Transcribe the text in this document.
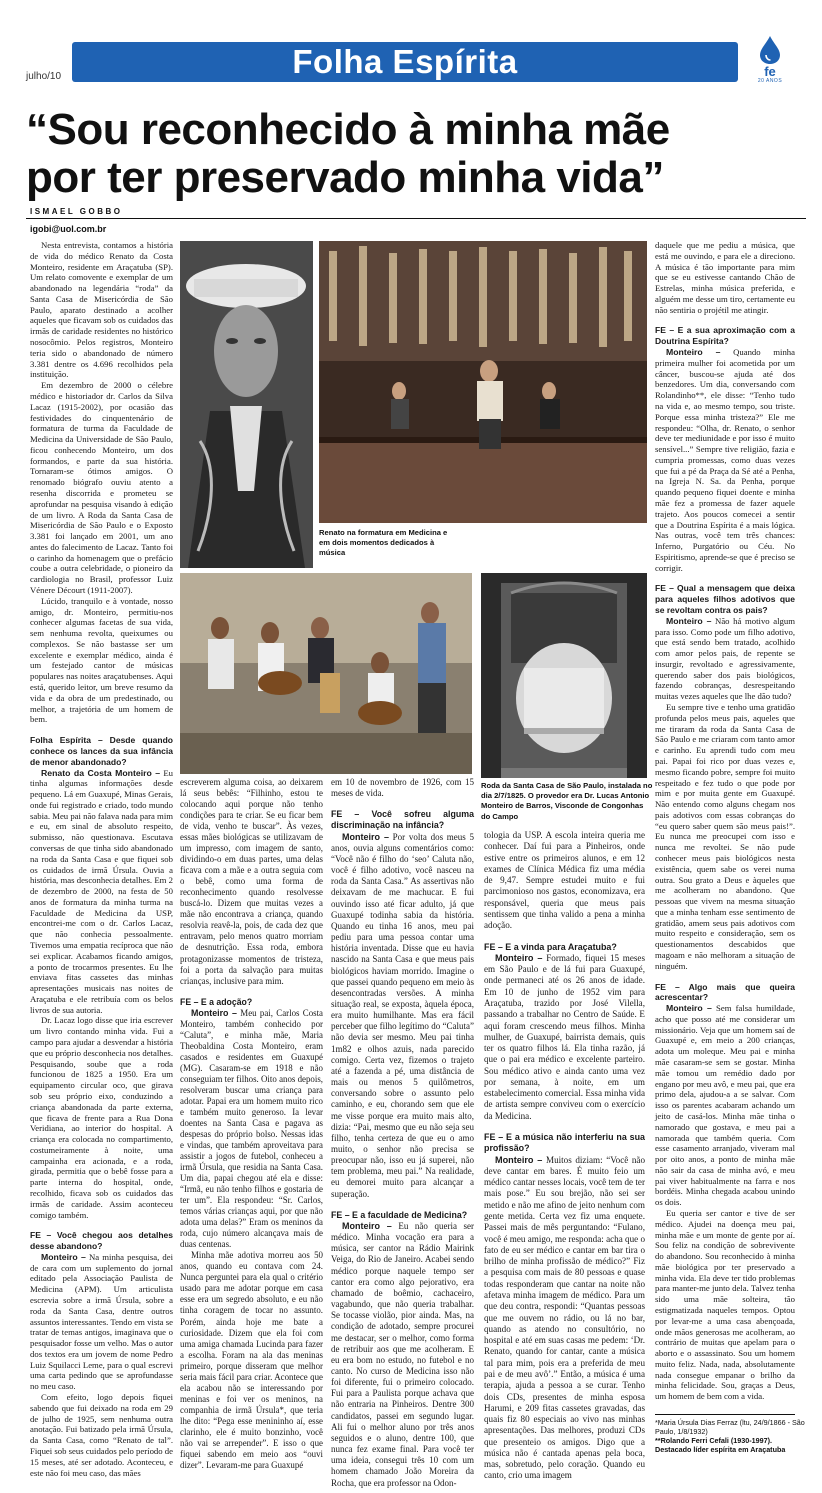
julho/10	Folha Espírita	fe
20 ANOS
“Sou reconhecido à minha mãe
por ter preservado minha vida”
ISMAEL GOBBO
igobi@uol.com.br

Nesta entrevista, contamos a história de vida do médico Renato da Costa Monteiro, residente em Araçatuba (SP). Um relato comovente e exemplar de um abandonado na legendária “roda” da Santa Casa de Misericórdia de São Paulo, aparato destinado a acolher aqueles que ficavam sob os cuidados das irmãs de caridade residentes no histórico nosocômio. Pelos registros, Monteiro teria sido o abandonado de número 3.381 dentre os 4.696 recolhidos pela instituição.

Em dezembro de 2000 o célebre médico e historiador dr. Carlos da Silva Lacaz (1915-2002), por ocasião das festividades do cinquentenário de formatura de turma da Faculdade de Medicina da Universidade de São Paulo, ficou conhecendo Monteiro, um dos formandos, e parte da sua história. Tornaram-se ótimos amigos. O renomado biógrafo ouviu atento a resenha discorrida e prometeu se aprofundar na pesquisa visando à edição de um livro. A Roda da Santa Casa de Misericórdia de São Paulo e o Exposto 3.381 foi lançado em 2001, um ano antes do falecimento de Lacaz. Tanto foi o carinho da homenagem que o prefácio coube a outra celebridade, o pioneiro da cardiologia no Brasil, professor Luiz Vénere Décourt (1911-2007).

Lúcido, tranquilo e à vontade, nosso amigo, dr. Monteiro, permitiu-nos conhecer algumas facetas de sua vida, sem nenhuma revolta, queixumes ou complexos. Se não bastasse ser um excelente e exemplar médico, ainda é um festejado cantor de músicas populares nas noites araçatubenses. Aqui está, querido leitor, um breve resumo da vida e da obra de um predestinado, ou melhor, a trajetória de um homem de bem.

Folha Espírita – Desde quando conhece os lances da sua infância de menor abandonado?

Renato da Costa Monteiro – Eu tinha algumas informações desde pequeno. Lá em Guaxupé, Minas Gerais, onde fui registrado e criado, todo mundo sabia. Meu pai não falava nada para mim e eu, em sinal de absoluto respeito, submisso, não questionava. Escutava conversas de que tinha sido abandonado na roda da Santa Casa e que fiquei sob os cuidados de irmã Úrsula. Ouvia a história, mas desconhecia detalhes. Em 2 de dezembro de 2000, na festa de 50 anos de formatura da minha turma na Faculdade de Medicina da USP, encontrei-me com o dr. Carlos Lacaz, que não conhecia pessoalmente. Tivemos uma empatia recíproca que não sei explicar. Acabamos ficando amigos, a ponto de trocarmos presentes. Eu lhe enviava fitas cassetes das minhas apresentações musicais nas noites de Araçatuba e ele retribuía com os belos livros de sua autoria.

Dr. Lacaz logo disse que iria escrever um livro contando minha vida. Fui a campo para ajudar a desvendar a história que eu próprio desconhecia nos detalhes. Pesquisando, soube que a roda funcionou de 1825 a 1950. Era um equipamento circular oco, que girava sob seu próprio eixo, conduzindo a criança abandonada da parte externa, que ficava de frente para a Rua Dona Veridiana, ao interior do hospital. A criança era colocada no compartimento, costumeiramente à noite, uma campainha era acionada, e a roda, girada, permitia que o bebê fosse para a parte interna do hospital, onde, recolhido, ficava sob os cuidados das irmãs de caridade. Assim aconteceu comigo também.

FE – Você chegou aos detalhes desse abandono?

Monteiro – Na minha pesquisa, dei de cara com um suplemento do jornal editado pela Associação Paulista de Medicina (APM). Um articulista escrevia sobre a irmã Úrsula, sobre a roda da Santa Casa, dentre outros assuntos interessantes. Tendo em vista se tratar de temas antigos, imaginava que o pesquisador fosse um velho. Mas o autor dos textos era um jovem de nome Pedro Luiz Squilacci Leme, para o qual escrevi uma carta pedindo que se aprofundasse no meu caso.

Com efeito, logo depois fiquei sabendo que fui deixado na roda em 29 de julho de 1925, sem nenhuma outra anotação. Fui batizado pela irmã Úrsula, da Santa Casa, como “Renato de tal”. Fiquei sob seus cuidados pelo período de 15 meses, até ser adotado. Aconteceu, e este não foi meu caso, das mães

Renato na formatura em Medicina e em dois momentos dedicados à música
Roda da Santa Casa de São Paulo, instalada no dia 2/7/1825. O provedor era Dr. Lucas Antonio Monteiro de Barros, Visconde de Congonhas do Campo

escreverem alguma coisa, ao deixarem lá seus bebês: “Filhinho, estou te colocando aqui porque não tenho condições para te criar. Se eu ficar bem de vida, venho te buscar”. Às vezes, essas mães biológicas se utilizavam de um impresso, com imagem de santo, dividindo-o em duas partes, uma delas ficava com a mãe e a outra seguia com o bebê, como uma forma de reconhecimento quando resolvesse buscá-lo. Dizem que muitas vezes a mãe não encontrava a criança, quando resolvia reavê-la, pois, de cada dez que entravam, pelo menos quatro morriam de desnutrição. Essa roda, embora protagonizasse momentos de tristeza, foi a porta da salvação para muitas crianças, inclusive para mim.

FE – E a adoção?

Monteiro – Meu pai, Carlos Costa Monteiro, também conhecido por “Caluta”, e minha mãe, Maria Theobaldina Costa Monteiro, eram casados e residentes em Guaxupé (MG). Casaram-se em 1918 e não conseguiam ter filhos. Oito anos depois, resolveram buscar uma criança para adotar. Papai era um homem muito rico e também muito generoso. Ia levar doentes na Santa Casa e pagava as despesas do próprio bolso. Nessas idas e vindas, que também aproveitava para assistir a jogos de futebol, conheceu a irmã Úrsula, que residia na Santa Casa. Um dia, papai chegou até ela e disse: “Irmã, eu não tenho filhos e gostaria de ter um”. Ela respondeu: “Sr. Carlos, temos várias crianças aqui, por que não adota uma delas?” Eram os meninos da roda, cujo número alcançava mais de duas centenas.

Minha mãe adotiva morreu aos 50 anos, quando eu contava com 24. Nunca perguntei para ela qual o critério usado para me adotar porque em casa esse era um segredo absoluto, e eu não tinha coragem de tocar no assunto. Porém, ainda hoje me bate a curiosidade. Dizem que ela foi com uma amiga chamada Lucinda para fazer a escolha. Foram na ala das meninas primeiro, porque disseram que melhor seria mais fácil para criar. Acontece que ela acabou não se interessando por meninas e foi ver os meninos, na companhia de irmã Úrsula*, que teria lhe dito: “Pega esse menininho aí, esse clarinho, ele é muito bonzinho, você não vai se arrepender”. E isso o que fiquei sabendo em meio aos “ouvi dizer”. Levaram-me para Guaxupé

em 10 de novembro de 1926, com 15 meses de vida.

FE – Você sofreu alguma discriminação na infância?

Monteiro – Por volta dos meus 5 anos, ouvia alguns comentários como: “Você não é filho do ‘seo’ Caluta não, você é filho adotivo, você nasceu na roda da Santa Casa.” As assertivas não deixavam de me machucar. E fui ouvindo isso até ficar adulto, já que Guaxupé todinha sabia da história. Quando eu tinha 16 anos, meu pai pediu para uma pessoa contar uma história inventada. Disse que eu havia nascido na Santa Casa e que meus pais biológicos haviam morrido. Imagine o que passei quando pequeno em meio às desencontradas versões. A minha situação real, se exposta, àquela época, era muito humilhante. Mas era fácil perceber que filho legítimo do “Caluta” não devia ser mesmo. Meu pai tinha 1m82 e olhos azuis, nada parecido comigo. Certa vez, fizemos o trajeto até a fazenda a pé, uma distância de mais ou menos 5 quilômetros, conversando sobre o assunto pelo caminho, e eu, chorando sem que ele me visse porque era muito mais alto, dizia: “Pai, mesmo que eu não seja seu filho, tenha certeza de que eu o amo muito, o senhor não precisa se preocupar não, isso eu já superei, não tem problema, meu pai.” Na realidade, eu demorei muito para alcançar a superação.

FE – E a faculdade de Medicina?

Monteiro – Eu não queria ser médico. Minha vocação era para a música, ser cantor na Rádio Mairink Veiga, do Rio de Janeiro. Acabei sendo médico porque naquele tempo ser cantor era como algo pejorativo, era chamado de boêmio, cachaceiro, vagabundo, que não queria trabalhar. Se tocasse violão, pior ainda. Mas, na condição de adotado, sempre procurei me destacar, ser o melhor, como forma de retribuir aos que me acolheram. E eu era bom no estudo, no futebol e no canto. No curso de Medicina isso não foi diferente, fui o primeiro colocado. Fui para a Paulista porque achava que não entraria na Pinheiros. Dentre 300 candidatos, passei em segundo lugar. Ali fui o melhor aluno por três anos seguidos e o aluno, dentre 100, que nunca fez exame final. Para você ter uma ideia, consegui três 10 com um homem chamado João Moreira da Rocha, que era professor na Odon-

tologia da USP. A escola inteira queria me conhecer. Daí fui para a Pinheiros, onde estive entre os primeiros alunos, e em 12 exames de Clínica Médica fiz uma média de 9,47. Sempre estudei muito e fui parcimonioso nos gastos, economizava, era responsável, queria que meus pais sentissem que tinha valido a pena a minha adoção.

FE – E a vinda para Araçatuba?

Monteiro – Formado, fiquei 15 meses em São Paulo e de lá fui para Guaxupé, onde permaneci até os 26 anos de idade. Em 10 de junho de 1952 vim para Araçatuba, trazido por José Vilella, passando a trabalhar no Centro de Saúde. E aqui foram crescendo meus filhos. Minha mulher, de Guaxupé, bairrista demais, quis ter os quatro filhos lá. Ela tinha razão, já que o pai era médico e excelente parteiro. Sou médico ativo e ainda canto uma vez por semana, à noite, em um estabelecimento comercial. Essa minha vida de artista sempre conviveu com o exercício da Medicina.

FE – E a música não interferiu na sua profissão?

Monteiro – Muitos diziam: “Você não deve cantar em bares. É muito feio um médico cantar nesses locais, você tem de ter mais pose.” Eu sou brejão, não sei ser metido e não me afino de jeito nenhum com gente metida. Certa vez fiz uma enquete. Passei mais de mês perguntando: “Fulano, você é meu amigo, me responda: acha que o fato de eu ser médico e cantar em bar tira o brilho de minha profissão de médico?” Fiz a pesquisa com mais de 80 pessoas e quase todas responderam que cantar na noite não afetava minha imagem de médico. Para um que deu contra, respondi: “Quantas pessoas que me ouvem no rádio, ou lá no bar, quando as atendo no consultório, no hospital e até em suas casas me pedem: ‘Dr. Renato, quando for cantar, cante a música tal para mim, pois era a preferida de meu pai e de meu avô’.” Então, a música é uma terapia, ajuda a pessoa a se curar. Tenho dois CDs, presentes de minha esposa Harumi, e 209 fitas cassetes gravadas, das quais fiz 80 especiais ao vivo nas minhas apresentações. Das melhores, produzi CDs que presenteio os amigos. Digo que a música não é cantada apenas pela boca, mas, sobretudo, pelo coração. Quando eu canto, crio uma imagem

daquele que me pediu a música, que está me ouvindo, e para ele a direciono. A música é tão importante para mim que se eu estivesse cantando Chão de Estrelas, minha música preferida, e alguém me desse um tiro, certamente eu não sentiria o projétil me atingir.

FE – E a sua aproximação com a Doutrina Espírita?

Monteiro – Quando minha primeira mulher foi acometida por um câncer, buscou-se ajuda até dos benzedores. Um dia, conversando com Rolandinho**, ele disse: “Tenho tudo na vida e, ao mesmo tempo, sou triste. Porque essa minha tristeza?” Ele me respondeu: “Olha, dr. Renato, o senhor deve ter mediunidade e por isso é muito sensível...” Sempre tive religião, fazia e cumpria promessas, como duas vezes que fui a pé da Praça da Sé até a Penha, na Igreja N. Sa. da Penha, porque quando pequeno fiquei doente e minha mãe fez a promessa de fazer aquele trajeto. Aos poucos comecei a sentir que a Doutrina Espírita é a mais lógica. Nas outras, você tem três chances: Inferno, Purgatório ou Céu. No Espiritismo, aprende-se que é preciso se corrigir.

FE – Qual a mensagem que deixa para aqueles filhos adotivos que se revoltam contra os pais?

Monteiro – Não há motivo algum para isso. Como pode um filho adotivo, que está sendo bem tratado, acolhido com amor pelos pais, de repente se insurgir, revoltado e agressivamente, querendo saber dos pais biológicos, fazendo cobranças, desrespeitando muitas vezes aqueles que lhe dão tudo?

Eu sempre tive e tenho uma gratidão profunda pelos meus pais, aqueles que me tiraram da roda da Santa Casa de São Paulo e me criaram com tanto amor e carinho. Eu aprendi tudo com meu pai. Papai foi rico por duas vezes e, mesmo ficando pobre, sempre foi muito respeitado e fez tudo o que pode por mim e por muita gente em Guaxupé. Não entendo como alguns chegam nos pais adotivos com essas cobranças do “eu quero saber quem são meus pais!”. Eu nunca me preocupei com isso e nunca me revoltei. Se não pude conhecer meus pais biológicos nesta existência, quem sabe os verei numa outra. Sou grato a Deus e àqueles que me acolheram no abandono. Que pessoas que vivem na mesma situação que a minha tenham esse sentimento de gratidão, amem seus pais adotivos com muito respeito e consideração, sem os questionamentos descabidos que magoam e não melhoram a situação de ninguém.

FE – Algo mais que queira acrescentar?

Monteiro – Sem falsa humildade, acho que posso até me considerar um missionário. Veja que um homem saí de Guaxupé e, em meio a 200 crianças, adota um moleque. Meu pai e minha mãe casaram-se sem se gostar. Minha mãe tomou um remédio dado por engano por meu avô, e meu pai, que era primo dela, ajudou-a a se salvar. Com isso os parentes acabaram achando um jeito de casá-los. Minha mãe tinha o namorado que gostava, e meu pai a namorada que também queria. Com esse casamento arranjado, viveram mal por oito anos, a ponto de minha mãe não sair da casa de minha avó, e meu pai viver habitualmente na farra e nos bordéis. Minha chegada acabou unindo os dois.

Eu queria ser cantor e tive de ser médico. Ajudei na doença meu pai, minha mãe e um monte de gente por aí. Sou feliz na condição de sobrevivente do abandono. Sou reconhecido à minha mãe biológica por ter preservado a minha vida. Ela deve ter tido problemas para manter-me junto dela. Talvez tenha sido uma mãe solteira, tão estigmatizada naqueles tempos. Optou por levar-me a uma casa abençoada, onde mãos generosas me acolheram, ao contrário de muitas que apelam para o aborto e o assassinato. Sou um homem muito feliz. Nada, nada, absolutamente nada consegue empanar o brilho da minha felicidade. Sou, graças a Deus, um homem de bem com a vida.

*Maria Úrsula Dias Ferraz (ltu, 24/9/1866 - São Paulo, 1/8/1932)
**Rolando Ferri Cefali (1930-1997). Destacado líder espírita em Araçatuba
